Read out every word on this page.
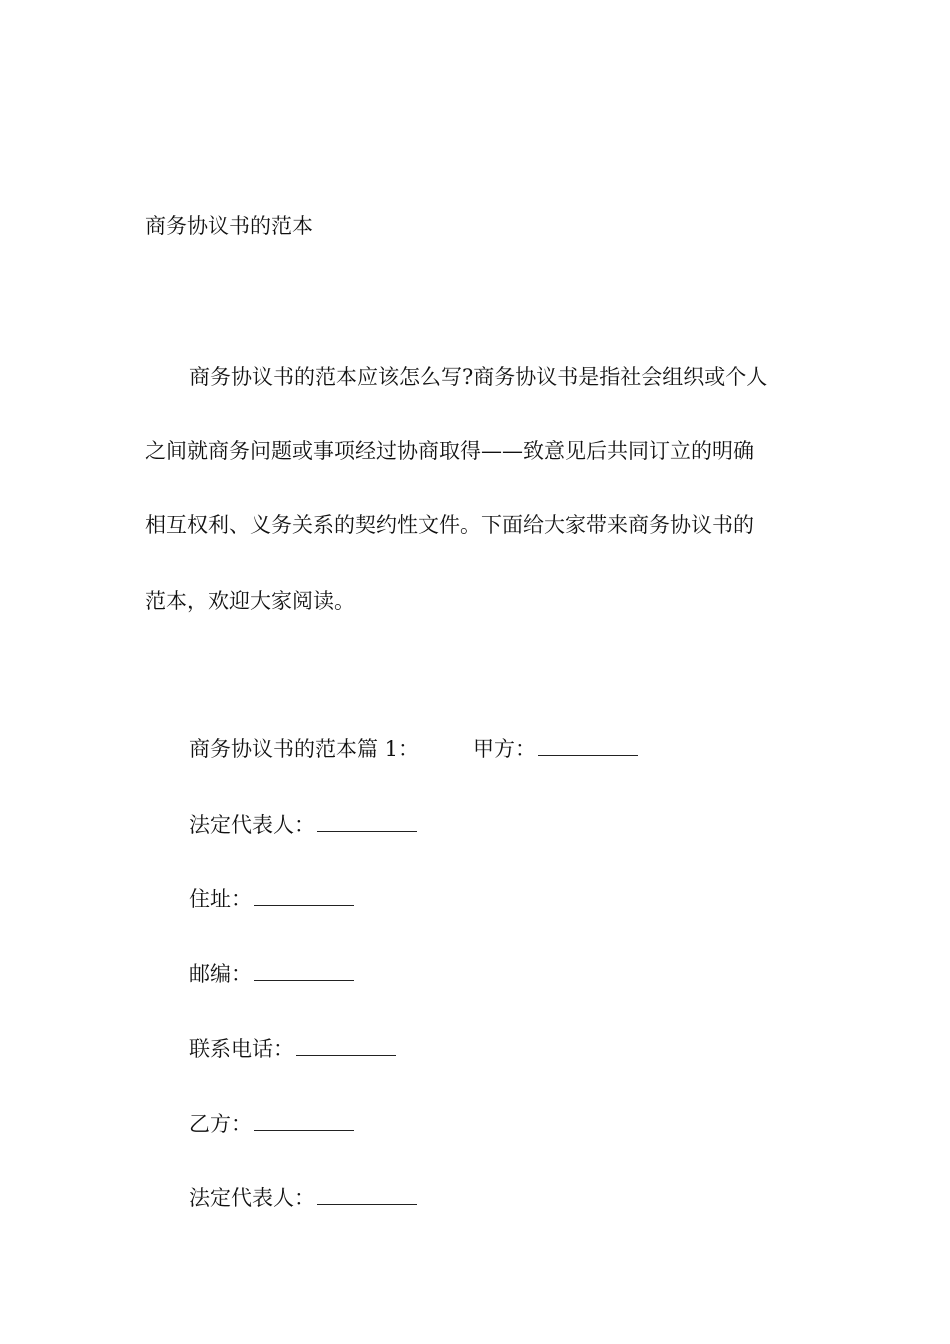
商务协议书的范本
商务协议书的范本应该怎么写?商务协议书是指社会组织或个人
之间就商务问题或事项经过协商取得——致意见后共同订立的明确
相互权利、义务关系的契约性文件。下面给大家带来商务协议书的
范本，欢迎大家阅读。
商务协议书的范本篇 1：	甲方：
法定代表人：
住址：
邮编：
联系电话：
乙方：
法定代表人：
